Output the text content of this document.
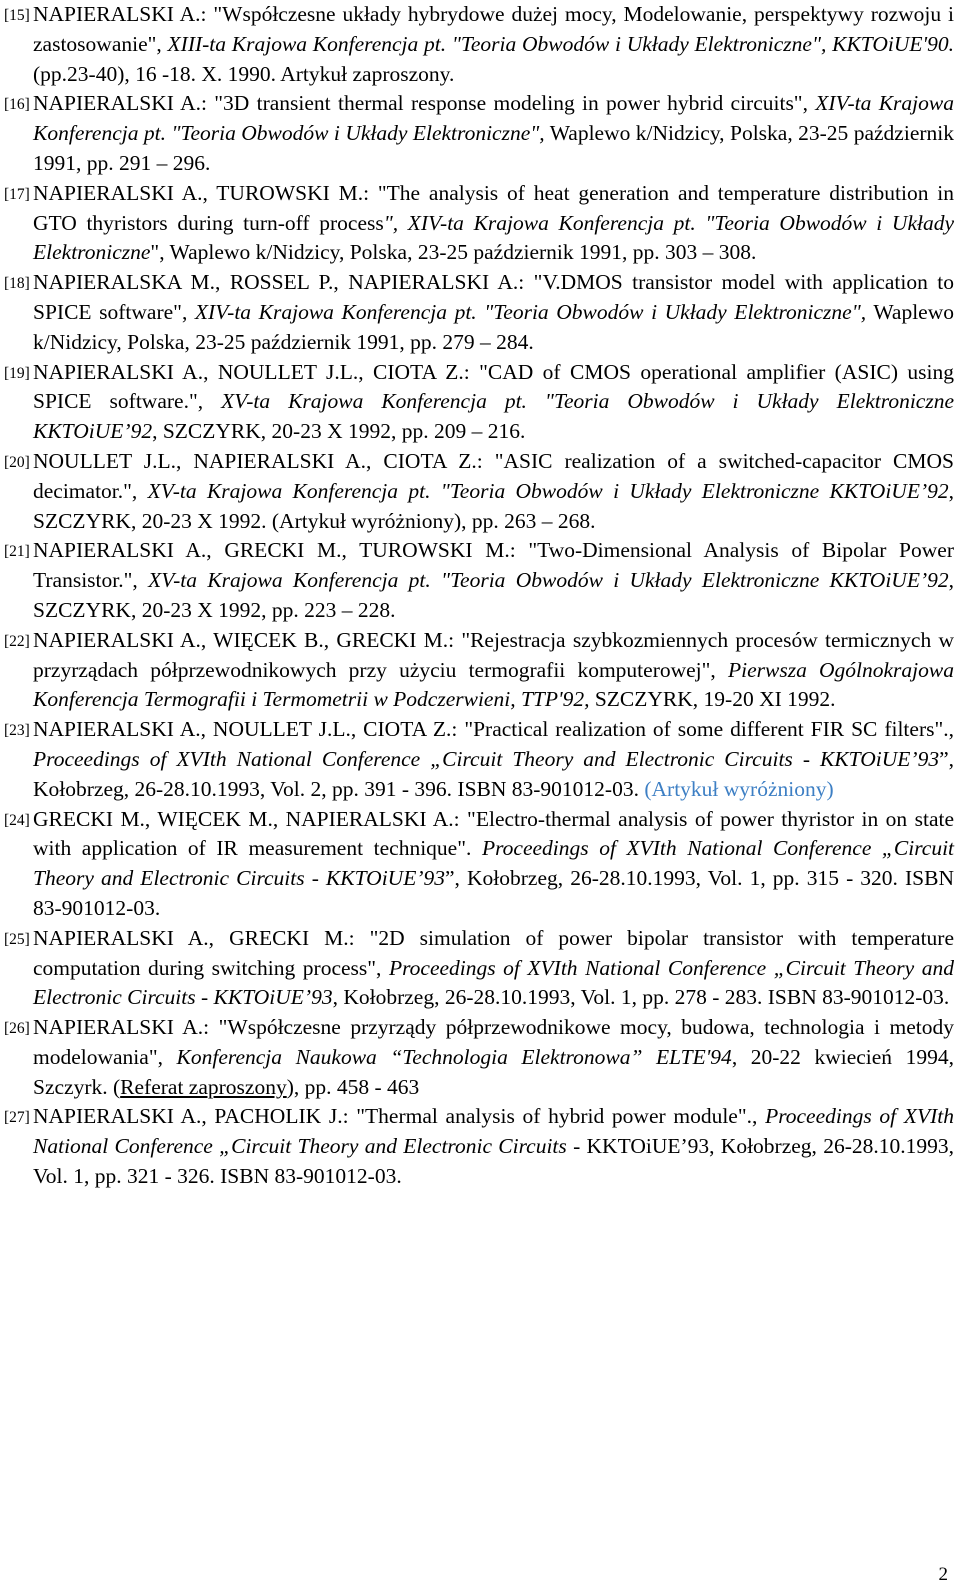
[15] NAPIERALSKI A.: "Współczesne układy hybrydowe dużej mocy, Modelowanie, perspektywy rozwoju i zastosowanie", XIII-ta Krajowa Konferencja pt. "Teoria Obwodów i Układy Elektroniczne", KKTOiUE'90. (pp.23-40), 16 -18. X. 1990. Artykuł zaproszony.

[16] NAPIERALSKI A.: "3D transient thermal response modeling in power hybrid circuits", XIV-ta Krajowa Konferencja pt. "Teoria Obwodów i Układy Elektroniczne", Waplewo k/Nidzicy, Polska, 23-25 październik 1991, pp. 291 – 296.

[17] NAPIERALSKI A., TUROWSKI M.: "The analysis of heat generation and temperature distribution in GTO thyristors during turn-off process", XIV-ta Krajowa Konferencja pt. "Teoria Obwodów i Układy Elektroniczne", Waplewo k/Nidzicy, Polska, 23-25 październik 1991, pp. 303 – 308.

[18] NAPIERALSKA M., ROSSEL P., NAPIERALSKI A.: "V.DMOS transistor model with application to SPICE software", XIV-ta Krajowa Konferencja pt. "Teoria Obwodów i Układy Elektroniczne", Waplewo k/Nidzicy, Polska, 23-25 październik 1991, pp. 279 – 284.

[19] NAPIERALSKI A., NOULLET J.L., CIOTA Z.: "CAD of CMOS operational amplifier (ASIC) using SPICE software.", XV-ta Krajowa Konferencja pt. "Teoria Obwodów i Układy Elektroniczne KKTOiUE’92, SZCZYRK, 20-23 X 1992, pp. 209 – 216.

[20] NOULLET J.L., NAPIERALSKI A., CIOTA Z.: "ASIC realization of a switched-capacitor CMOS decimator.", XV-ta Krajowa Konferencja pt. "Teoria Obwodów i Układy Elektroniczne KKTOiUE’92, SZCZYRK, 20-23 X 1992. (Artykuł wyróżniony), pp. 263 – 268.

[21] NAPIERALSKI A., GRECKI M., TUROWSKI M.: "Two-Dimensional Analysis of Bipolar Power Transistor.", XV-ta Krajowa Konferencja pt. "Teoria Obwodów i Układy Elektroniczne KKTOiUE’92, SZCZYRK, 20-23 X 1992, pp. 223 – 228.

[22] NAPIERALSKI A., WIĘCEK B., GRECKI M.: "Rejestracja szybkozmiennych procesów termicznych w przyrządach półprzewodnikowych przy użyciu termografii komputerowej", Pierwsza Ogólnokrajowa Konferencja Termografii i Termometrii w Podczerwieni, TTP'92, SZCZYRK, 19-20 XI 1992.

[23] NAPIERALSKI A., NOULLET J.L., CIOTA Z.: "Practical realization of some different FIR SC filters"., Proceedings of XVIth National Conference „Circuit Theory and Electronic Circuits - KKTOiUE’93”, Kołobrzeg, 26-28.10.1993, Vol. 2, pp. 391 - 396. ISBN 83-901012-03. (Artykuł wyróżniony)

[24] GRECKI M., WIĘCEK M., NAPIERALSKI A.: "Electro-thermal analysis of power thyristor in on state with application of IR measurement technique". Proceedings of XVIth National Conference „Circuit Theory and Electronic Circuits - KKTOiUE’93”, Kołobrzeg, 26-28.10.1993, Vol. 1, pp. 315 - 320. ISBN 83-901012-03.

[25] NAPIERALSKI A., GRECKI M.: "2D simulation of power bipolar transistor with temperature computation during switching process", Proceedings of XVIth National Conference „Circuit Theory and Electronic Circuits - KKTOiUE’93, Kołobrzeg, 26-28.10.1993, Vol. 1, pp. 278 - 283. ISBN 83-901012-03.

[26] NAPIERALSKI A.: "Współczesne przyrządy półprzewodnikowe mocy, budowa, technologia i metody modelowania", Konferencja Naukowa “Technologia Elektronowa” ELTE'94, 20-22 kwiecień 1994, Szczyrk. (Referat zaproszony), pp. 458 - 463

[27] NAPIERALSKI A., PACHOLIK J.: "Thermal analysis of hybrid power module"., Proceedings of XVIth National Conference „Circuit Theory and Electronic Circuits - KKTOiUE’93, Kołobrzeg, 26-28.10.1993, Vol. 1, pp. 321 - 326. ISBN 83-901012-03.

2
